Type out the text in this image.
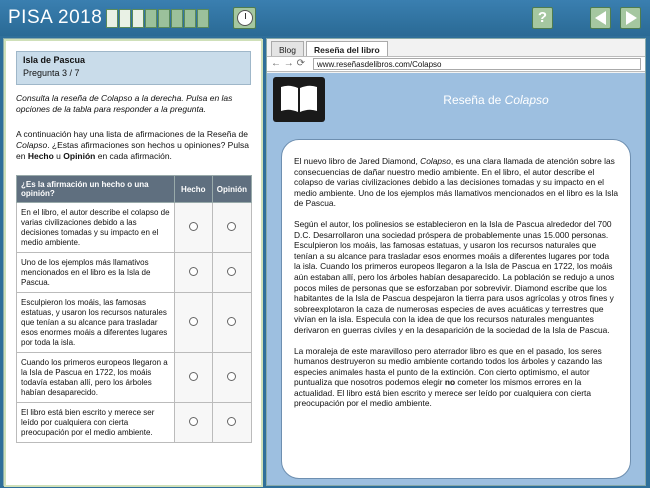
PISA 2018	?
Isla de Pascua
Pregunta 3 / 7
Consulta la reseña de Colapso a la derecha. Pulsa en las opciones de la tabla para responder a la pregunta.
A continuación hay una lista de afirmaciones de la Reseña de Colapso. ¿Estas afirmaciones son hechos u opiniones? Pulsa en Hecho u Opinión en cada afirmación.
¿Es la afirmación un hecho o una opinión?	Hecho	Opinión
En el libro, el autor describe el colapso de varias civilizaciones debido a las decisiones tomadas y su impacto en el medio ambiente.		
Uno de los ejemplos más llamativos mencionados en el libro es la Isla de Pascua.		
Esculpieron los moáis, las famosas estatuas, y usaron los recursos naturales que tenían a su alcance para trasladar esos enormes moáis a diferentes lugares por toda la isla.		
Cuando los primeros europeos llegaron a la Isla de Pascua en 1722, los moáis todavía estaban allí, pero los árboles habían desaparecido.		
El libro está bien escrito y merece ser leído por cualquiera con cierta preocupación por el medio ambiente.		
Blog	Reseña del libro
← → ⟳	www.reseñasdelibros.com/Colapso
Reseña de Colapso

El nuevo libro de Jared Diamond, Colapso, es una clara llamada de atención sobre las consecuencias de dañar nuestro medio ambiente. En el libro, el autor describe el colapso de varias civilizaciones debido a las decisiones tomadas y su impacto en el medio ambiente. Uno de los ejemplos más llamativos mencionados en el libro es la Isla de Pascua.

Según el autor, los polinesios se establecieron en la Isla de Pascua alrededor del 700 D.C. Desarrollaron una sociedad próspera de probablemente unas 15.000 personas. Esculpieron los moáis, las famosas estatuas, y usaron los recursos naturales que tenían a su alcance para trasladar esos enormes moáis a diferentes lugares por toda la isla. Cuando los primeros europeos llegaron a la Isla de Pascua en 1722, los moáis aún estaban allí, pero los árboles habían desaparecido. La población se redujo a unos pocos miles de personas que se esforzaban por sobrevivir. Diamond escribe que los habitantes de la Isla de Pascua despejaron la tierra para usos agrícolas y otros fines y sobreexplotaron la caza de numerosas especies de aves acuáticas y terrestres que vivían en la isla. Especula con la idea de que los recursos naturales menguantes derivaron en guerras civiles y en la desaparición de la sociedad de la Isla de Pascua.

La moraleja de este maravilloso pero aterrador libro es que en el pasado, los seres humanos destruyeron su medio ambiente cortando todos los árboles y cazando las especies animales hasta el punto de la extinción. Con cierto optimismo, el autor puntualiza que nosotros podemos elegir no cometer los mismos errores en la actualidad. El libro está bien escrito y merece ser leído por cualquiera con cierta preocupación por el medio ambiente.
